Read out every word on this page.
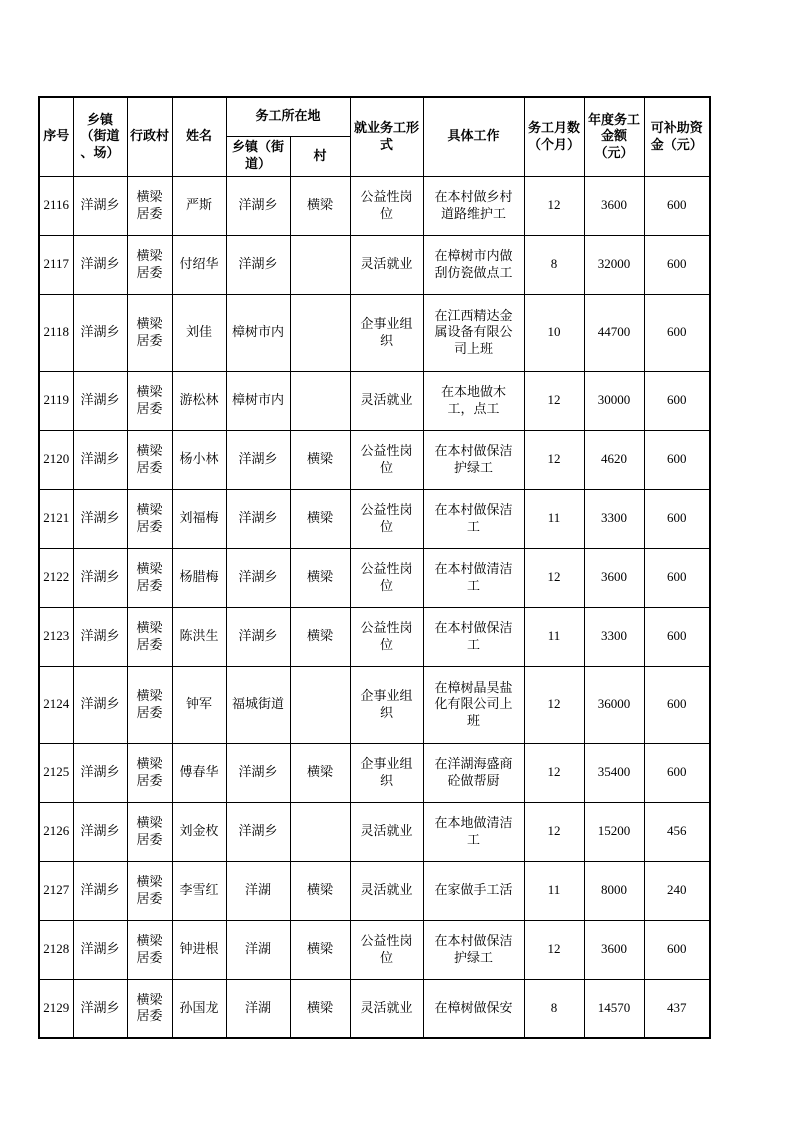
序号	乡镇
（街道
、场）	行政村	姓名	务工所在地		就业务工形
式	具体工作	务工月数
（个月）	年度务工
金额
（元）	可补助资
金（元）
				乡镇（街
道）	村					
2116	洋湖乡	横梁
居委	严斯	洋湖乡	横梁	公益性岗
位	在本村做乡村
道路维护工	12	3600	600
2117	洋湖乡	横梁
居委	付绍华	洋湖乡		灵活就业	在樟树市内做
刮仿瓷做点工	8	32000	600
2118	洋湖乡	横梁
居委	刘佳	樟树市内		企事业组
织	在江西精达金
属设备有限公
司上班	10	44700	600
2119	洋湖乡	横梁
居委	游松林	樟树市内		灵活就业	在本地做木
工，点工	12	30000	600
2120	洋湖乡	横梁
居委	杨小林	洋湖乡	横梁	公益性岗
位	在本村做保洁
护绿工	12	4620	600
2121	洋湖乡	横梁
居委	刘福梅	洋湖乡	横梁	公益性岗
位	在本村做保洁
工	11	3300	600
2122	洋湖乡	横梁
居委	杨腊梅	洋湖乡	横梁	公益性岗
位	在本村做清洁
工	12	3600	600
2123	洋湖乡	横梁
居委	陈洪生	洋湖乡	横梁	公益性岗
位	在本村做保洁
工	11	3300	600
2124	洋湖乡	横梁
居委	钟军	福城街道		企事业组
织	在樟树晶昊盐
化有限公司上
班	12	36000	600
2125	洋湖乡	横梁
居委	傅春华	洋湖乡	横梁	企事业组
织	在洋湖海盛商
砼做帮厨	12	35400	600
2126	洋湖乡	横梁
居委	刘金枚	洋湖乡		灵活就业	在本地做清洁
工	12	15200	456
2127	洋湖乡	横梁
居委	李雪红	洋湖	横梁	灵活就业	在家做手工活	11	8000	240
2128	洋湖乡	横梁
居委	钟进根	洋湖	横梁	公益性岗
位	在本村做保洁
护绿工	12	3600	600
2129	洋湖乡	横梁
居委	孙国龙	洋湖	横梁	灵活就业	在樟树做保安	8	14570	437
